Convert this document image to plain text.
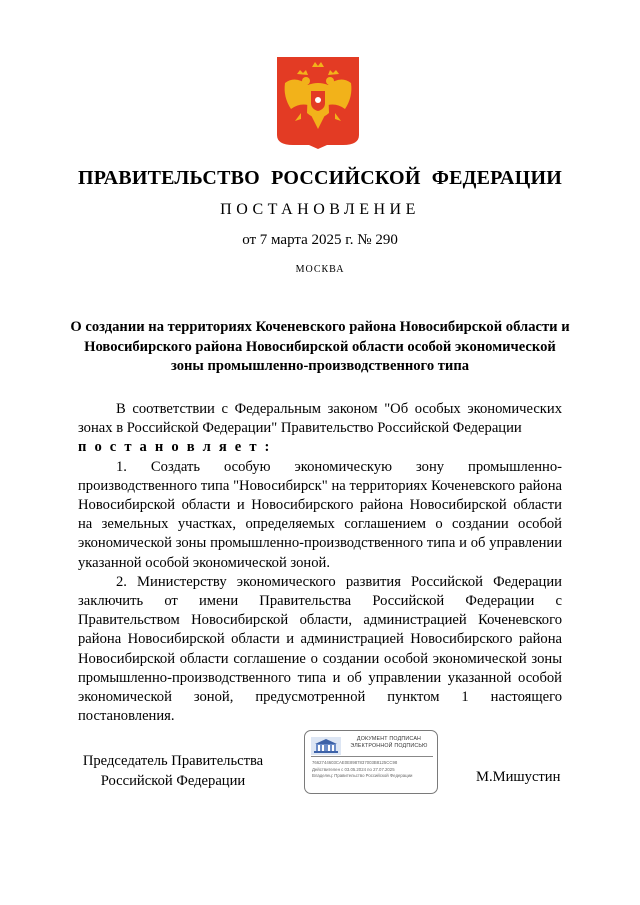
ПРАВИТЕЛЬСТВО РОССИЙСКОЙ ФЕДЕРАЦИИ
ПОСТАНОВЛЕНИЕ
от 7 марта 2025 г. № 290
МОСКВА
О создании на территориях Коченевского района Новосибирской области и Новосибирского района Новосибирской области особой экономической зоны промышленно-производственного типа

В соответствии с Федеральным законом "Об особых экономических зонах в Российской Федерации" Правительство Российской Федерации

п о с т а н о в л я е т :

1. Создать особую экономическую зону промышленно-производственного типа "Новосибирск" на территориях Коченевского района Новосибирской области и Новосибирского района Новосибирской области на земельных участках, определяемых соглашением о создании особой экономической зоны промышленно-производственного типа и об управлении указанной особой экономической зоной.

2. Министерству экономического развития Российской Федерации заключить от имени Правительства Российской Федерации с Правительством Новосибирской области, администрацией Коченевского района Новосибирской области и администрацией Новосибирского района Новосибирской области соглашение о создании особой экономической зоны промышленно-производственного типа и об управлении указанной особой экономической зоной, предусмотренной пунктом 1 настоящего постановления.

Председатель Правительства
Российской Федерации
ДОКУМЕНТ ПОДПИСАН
ЭЛЕКТРОННОЙ ПОДПИСЬЮ
7662744603CAE0E8987837003B8125CC98
Действителен с 03.05.2024 по 27.07.2025
Владелец: Правительство Российской Федерации	М.Мишустин
